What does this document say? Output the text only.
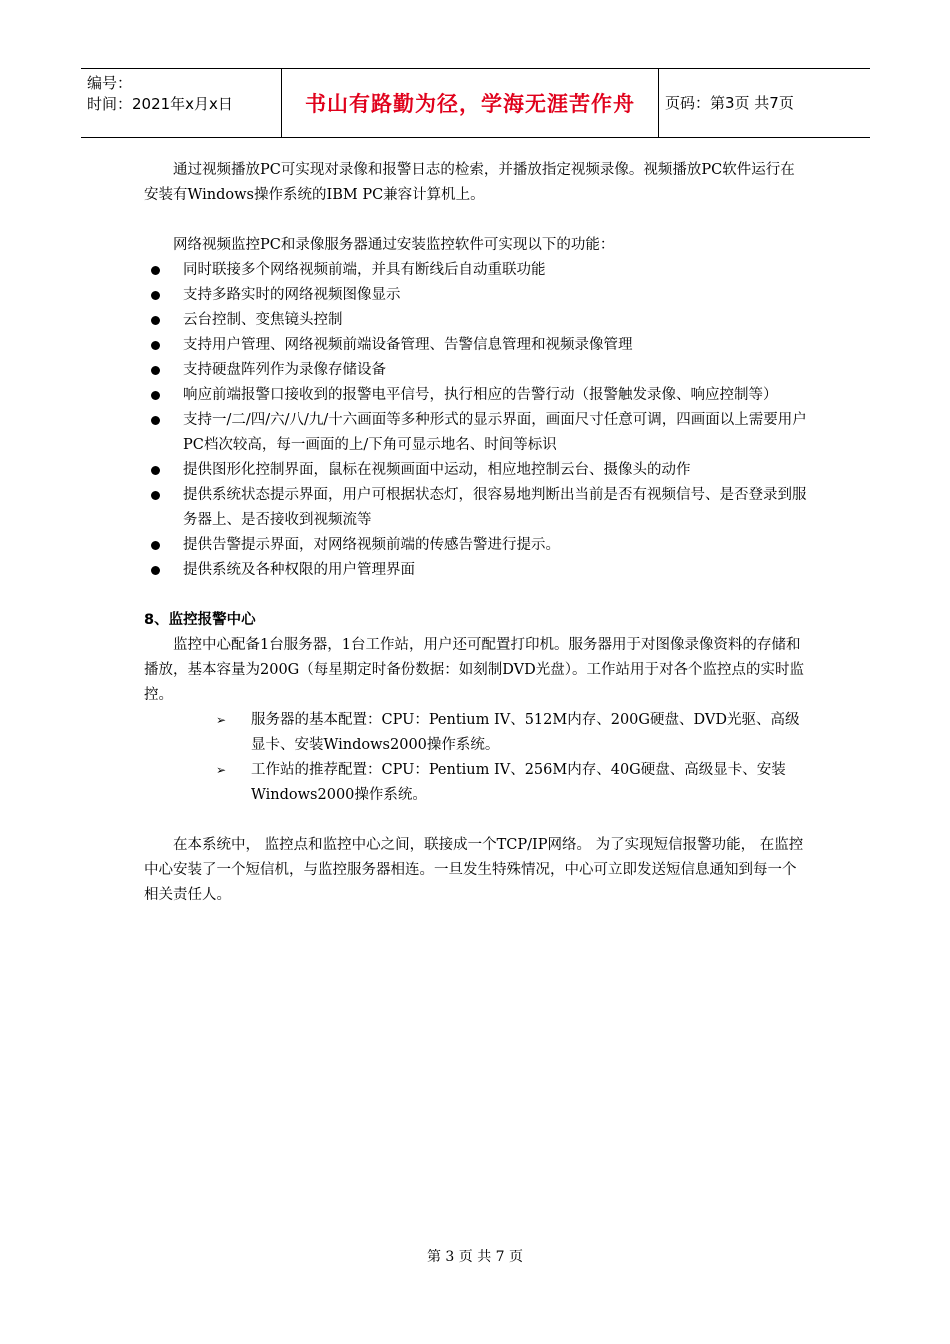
编号：
时间：2021年x月x日	书山有路勤为径，学海无涯苦作舟	页码：第3页 共7页

通过视频播放PC可实现对录像和报警日志的检索，并播放指定视频录像。视频播放PC软件运行在安装有Windows操作系统的IBM PC兼容计算机上。

网络视频监控PC和录像服务器通过安装监控软件可实现以下的功能：

同时联接多个网络视频前端，并具有断线后自动重联功能
支持多路实时的网络视频图像显示
云台控制、变焦镜头控制
支持用户管理、网络视频前端设备管理、告警信息管理和视频录像管理
支持硬盘阵列作为录像存储设备
响应前端报警口接收到的报警电平信号，执行相应的告警行动（报警触发录像、响应控制等）
支持一/二/四/六/八/九/十六画面等多种形式的显示界面，画面尺寸任意可调，四画面以上需要用户PC档次较高，每一画面的上/下角可显示地名、时间等标识
提供图形化控制界面，鼠标在视频画面中运动，相应地控制云台、摄像头的动作
提供系统状态提示界面，用户可根据状态灯，很容易地判断出当前是否有视频信号、是否登录到服务器上、是否接收到视频流等
提供告警提示界面，对网络视频前端的传感告警进行提示。
提供系统及各种权限的用户管理界面
8、监控报警中心

监控中心配备1台服务器，1台工作站，用户还可配置打印机。服务器用于对图像录像资料的存储和播放，基本容量为200G（每星期定时备份数据：如刻制DVD光盘）。工作站用于对各个监控点的实时监控。

➢ 服务器的基本配置：CPU：Pentium IV、512M内存、200G硬盘、DVD光驱、高级显卡、安装Windows2000操作系统。
➢ 工作站的推荐配置：CPU：Pentium IV、256M内存、40G硬盘、高级显卡、安装Windows2000操作系统。

在本系统中， 监控点和监控中心之间，联接成一个TCP/IP网络。 为了实现短信报警功能， 在监控中心安装了一个短信机，与监控服务器相连。一旦发生特殊情况，中心可立即发送短信息通知到每一个相关责任人。

第 3 页 共 7 页
